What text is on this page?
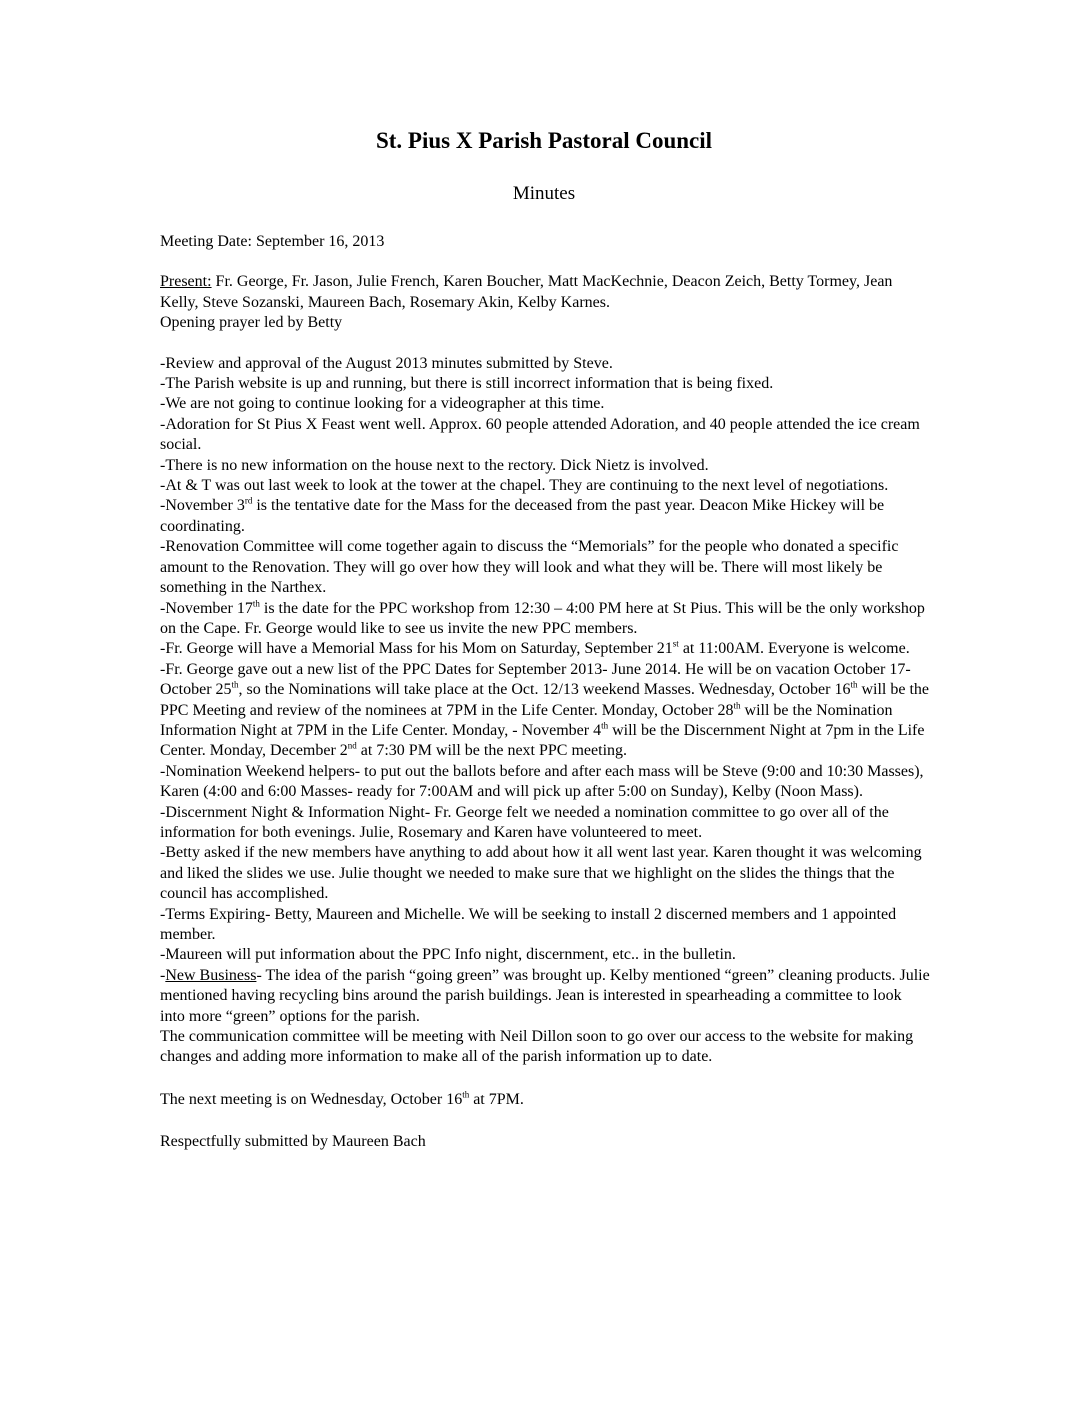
St. Pius X Parish Pastoral Council
Minutes

Meeting Date: September 16, 2013

Present: Fr. George, Fr. Jason, Julie French, Karen Boucher, Matt MacKechnie, Deacon Zeich, Betty Tormey, Jean Kelly, Steve Sozanski, Maureen Bach, Rosemary Akin, Kelby Karnes.

Opening prayer led by Betty

-Review and approval of the August 2013 minutes submitted by Steve.

-The Parish website is up and running, but there is still incorrect information that is being fixed.

-We are not going to continue looking for a videographer at this time.

-Adoration for St Pius X Feast went well. Approx. 60 people attended Adoration, and 40 people attended the ice cream social.

-There is no new information on the house next to the rectory. Dick Nietz is involved.

-At & T was out last week to look at the tower at the chapel. They are continuing to the next level of negotiations.

-November 3rd is the tentative date for the Mass for the deceased from the past year. Deacon Mike Hickey will be coordinating.

-Renovation Committee will come together again to discuss the “Memorials” for the people who donated a specific amount to the Renovation. They will go over how they will look and what they will be. There will most likely be something in the Narthex.

-November 17th is the date for the PPC workshop from 12:30 – 4:00 PM here at St Pius. This will be the only workshop on the Cape. Fr. George would like to see us invite the new PPC members.

-Fr. George will have a Memorial Mass for his Mom on Saturday, September 21st at 11:00AM. Everyone is welcome.

-Fr. George gave out a new list of the PPC Dates for September 2013- June 2014. He will be on vacation October 17- October 25th, so the Nominations will take place at the Oct. 12/13 weekend Masses. Wednesday, October 16th will be the PPC Meeting and review of the nominees at 7PM in the Life Center. Monday, October 28th will be the Nomination Information Night at 7PM in the Life Center. Monday, - November 4th will be the Discernment Night at 7pm in the Life Center. Monday, December 2nd at 7:30 PM will be the next PPC meeting.

-Nomination Weekend helpers- to put out the ballots before and after each mass will be Steve (9:00 and 10:30 Masses), Karen (4:00 and 6:00 Masses- ready for 7:00AM and will pick up after 5:00 on Sunday), Kelby (Noon Mass).

-Discernment Night & Information Night- Fr. George felt we needed a nomination committee to go over all of the information for both evenings. Julie, Rosemary and Karen have volunteered to meet.

-Betty asked if the new members have anything to add about how it all went last year. Karen thought it was welcoming and liked the slides we use. Julie thought we needed to make sure that we highlight on the slides the things that the council has accomplished.

-Terms Expiring- Betty, Maureen and Michelle. We will be seeking to install 2 discerned members and 1 appointed member.

-Maureen will put information about the PPC Info night, discernment, etc.. in the bulletin.

-New Business- The idea of the parish “going green” was brought up. Kelby mentioned “green” cleaning products. Julie mentioned having recycling bins around the parish buildings. Jean is interested in spearheading a committee to look into more “green” options for the parish.

The communication committee will be meeting with Neil Dillon soon to go over our access to the website for making changes and adding more information to make all of the parish information up to date.

The next meeting is on Wednesday, October 16th at 7PM.

Respectfully submitted by Maureen Bach
